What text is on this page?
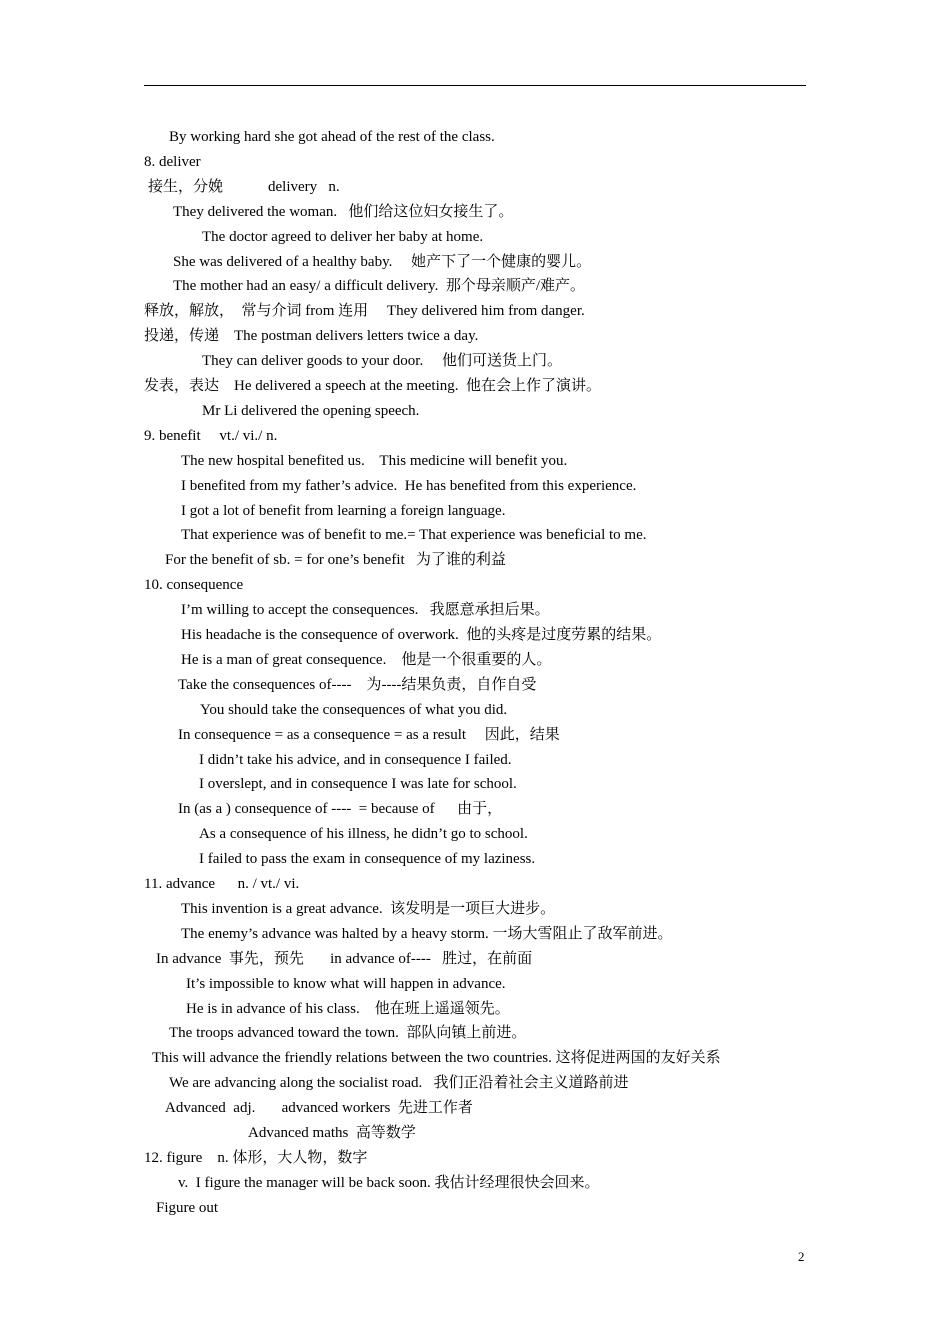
By working hard she got ahead of the rest of the class.
8. deliver
接生，分娩            delivery   n.
They delivered the woman.   他们给这位妇女接生了。
The doctor agreed to deliver her baby at home.
She was delivered of a healthy baby.     她产下了一个健康的婴儿。
The mother had an easy/ a difficult delivery.  那个母亲顺产/难产。
释放，解放，  常与介词 from 连用     They delivered him from danger.
投递，传递    The postman delivers letters twice a day.
They can deliver goods to your door.     他们可送货上门。
发表，表达    He delivered a speech at the meeting.  他在会上作了演讲。
Mr Li delivered the opening speech.
9. benefit     vt./ vi./ n.
The new hospital benefited us.    This medicine will benefit you.
I benefited from my father’s advice.  He has benefited from this experience.
I got a lot of benefit from learning a foreign language.
That experience was of benefit to me.= That experience was beneficial to me.
For the benefit of sb. = for one’s benefit   为了谁的利益
10. consequence
I’m willing to accept the consequences.   我愿意承担后果。
His headache is the consequence of overwork.  他的头疼是过度劳累的结果。
He is a man of great consequence.    他是一个很重要的人。
Take the consequences of----    为----结果负责，自作自受
You should take the consequences of what you did.
In consequence = as a consequence = as a result     因此，结果
I didn’t take his advice, and in consequence I failed.
I overslept, and in consequence I was late for school.
In (as a ) consequence of ----  = because of      由于，
As a consequence of his illness, he didn’t go to school.
I failed to pass the exam in consequence of my laziness.
11. advance      n. / vt./ vi.
This invention is a great advance.  该发明是一项巨大进步。
The enemy’s advance was halted by a heavy storm. 一场大雪阻止了敌军前进。
In advance  事先，预先       in advance of----   胜过，在前面
It’s impossible to know what will happen in advance.
He is in advance of his class.    他在班上遥遥领先。
The troops advanced toward the town.  部队向镇上前进。
This will advance the friendly relations between the two countries. 这将促进两国的友好关系
We are advancing along the socialist road.   我们正沿着社会主义道路前进
Advanced  adj.       advanced workers  先进工作者
Advanced maths  高等数学
12. figure    n. 体形，大人物，数字
v.  I figure the manager will be back soon. 我估计经理很快会回来。
Figure out
2
